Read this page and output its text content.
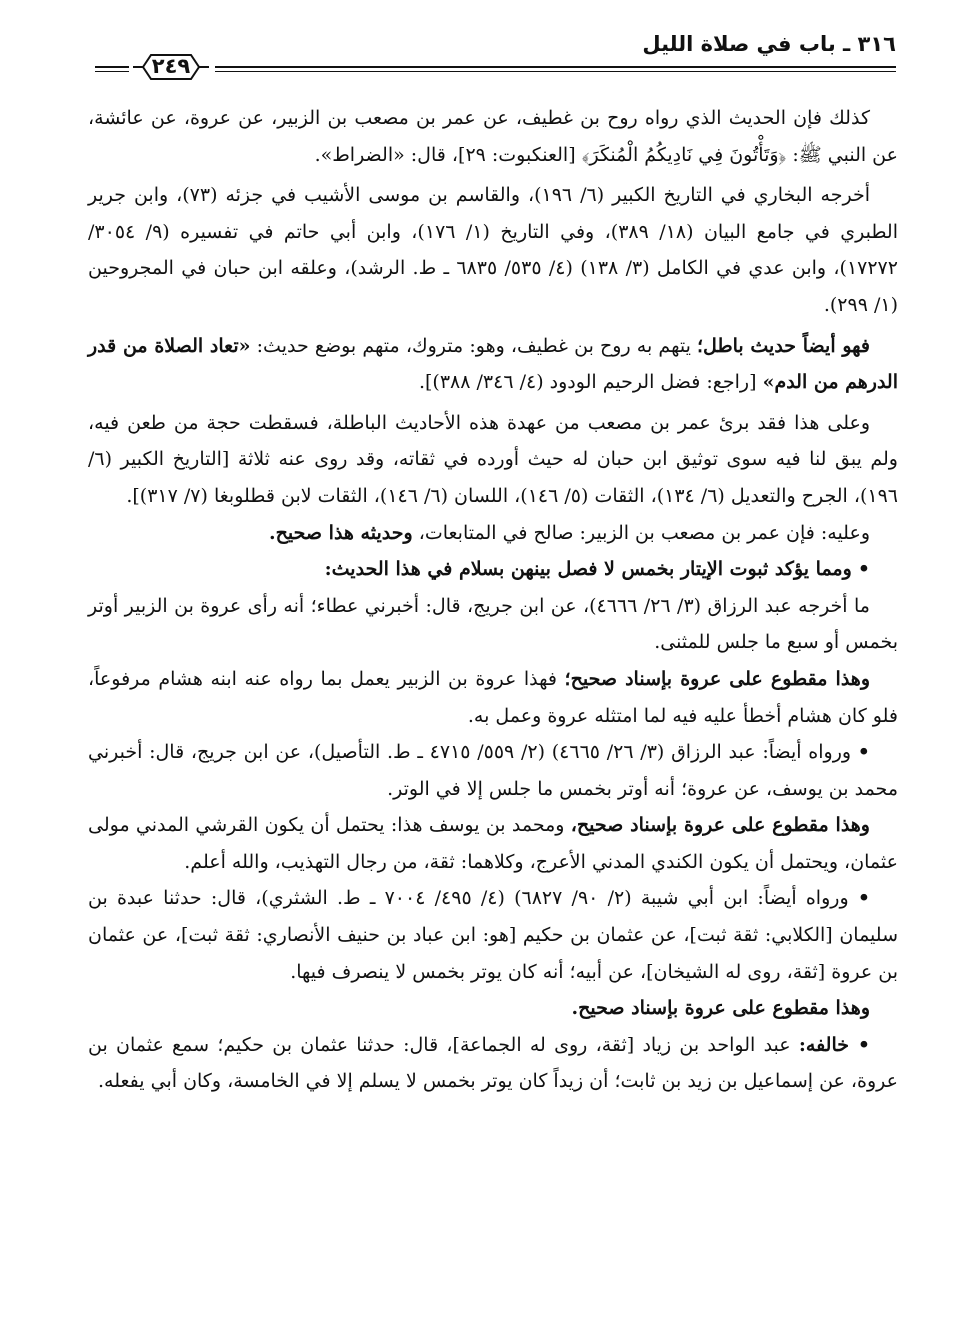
٣١٦ ـ باب في صلاة الليل
٢٤٩

كذلك فإن الحديث الذي رواه روح بن غطيف، عن عمر بن مصعب بن الزبير، عن عروة، عن عائشة، عن النبي ﷺ: ﴿وَتَأْتُونَ فِي نَادِيكُمُ الْمُنكَرَ﴾ [العنكبوت: ٢٩]، قال: «الضراط».

أخرجه البخاري في التاريخ الكبير (٦/ ١٩٦)، والقاسم بن موسى الأشيب في جزئه (٧٣)، وابن جرير الطبري في جامع البيان (١٨/ ٣٨٩)، وفي التاريخ (١/ ١٧٦)، وابن أبي حاتم في تفسيره (٩/ ٣٠٥٤/ ١٧٢٧٢)، وابن عدي في الكامل (٣/ ١٣٨) (٤/ ٥٣٥/ ٦٨٣٥ ـ ط. الرشد)، وعلقه ابن حبان في المجروحين (١/ ٢٩٩).

فهو أيضاً حديث باطل؛ يتهم به روح بن غطيف، وهو: متروك، متهم بوضع حديث: «تعاد الصلاة من قدر الدرهم من الدم» [راجع: فضل الرحيم الودود (٤/ ٣٤٦/ ٣٨٨)].

وعلى هذا فقد برئ عمر بن مصعب من عهدة هذه الأحاديث الباطلة، فسقطت حجة من طعن فيه، ولم يبق لنا فيه سوى توثيق ابن حبان له حيث أورده في ثقاته، وقد روى عنه ثلاثة [التاريخ الكبير (٦/ ١٩٦)، الجرح والتعديل (٦/ ١٣٤)، الثقات (٥/ ١٤٦)، اللسان (٦/ ١٤٦)، الثقات لابن قطلوبغا (٧/ ٣١٧)].

وعليه: فإن عمر بن مصعب بن الزبير: صالح في المتابعات، وحديثه هذا صحيح.

• ومما يؤكد ثبوت الإيتار بخمس لا فصل بينهن بسلام في هذا الحديث:

ما أخرجه عبد الرزاق (٣/ ٢٦/ ٤٦٦٦)، عن ابن جريج، قال: أخبرني عطاء؛ أنه رأى عروة بن الزبير أوتر بخمس أو سبع ما جلس للمثنى.

وهذا مقطوع على عروة بإسناد صحيح؛ فهذا عروة بن الزبير يعمل بما رواه عنه ابنه هشام مرفوعاً، فلو كان هشام أخطأ عليه فيه لما امتثله عروة وعمل به.

• ورواه أيضاً: عبد الرزاق (٣/ ٢٦/ ٤٦٦٥) (٢/ ٥٥٩/ ٤٧١٥ ـ ط. التأصيل)، عن ابن جريج، قال: أخبرني محمد بن يوسف، عن عروة؛ أنه أوتر بخمس ما جلس إلا في الوتر.

وهذا مقطوع على عروة بإسناد صحيح، ومحمد بن يوسف هذا: يحتمل أن يكون القرشي المدني مولى عثمان، ويحتمل أن يكون الكندي المدني الأعرج، وكلاهما: ثقة، من رجال التهذيب، والله أعلم.

• ورواه أيضاً: ابن أبي شيبة (٢/ ٩٠/ ٦٨٢٧) (٤/ ٤٩٥/ ٧٠٠٤ ـ ط. الشثري)، قال: حدثنا عبدة بن سليمان [الكلابي: ثقة ثبت]، عن عثمان بن حكيم [هو: ابن عباد بن حنيف الأنصاري: ثقة ثبت]، عن عثمان بن عروة [ثقة، روى له الشيخان]، عن أبيه؛ أنه كان يوتر بخمس لا ينصرف فيها.

وهذا مقطوع على عروة بإسناد صحيح.

• خالفه: عبد الواحد بن زياد [ثقة، روى له الجماعة]، قال: حدثنا عثمان بن حكيم؛ سمع عثمان بن عروة، عن إسماعيل بن زيد بن ثابت؛ أن زيداً كان يوتر بخمس لا يسلم إلا في الخامسة، وكان أبي يفعله.
